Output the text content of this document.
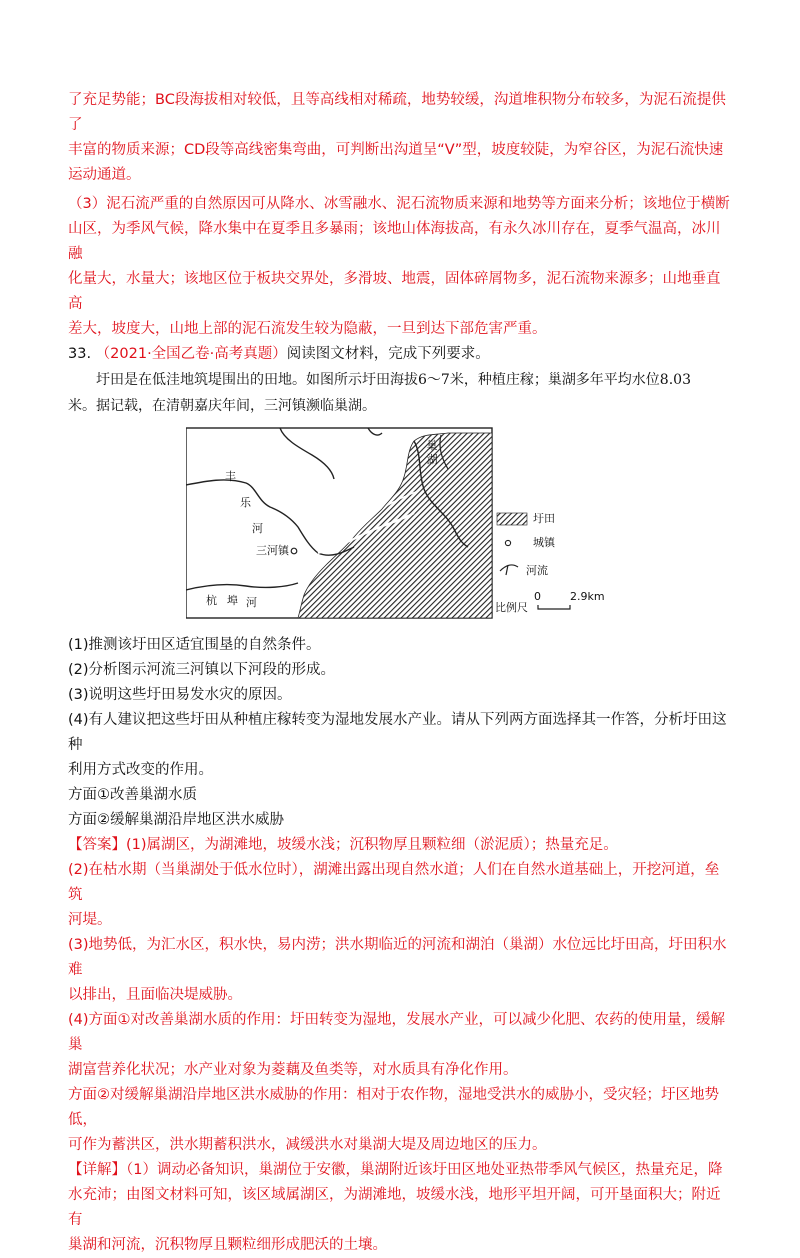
了充足势能；BC段海拔相对较低，且等高线相对稀疏，地势较缓，沟道堆积物分布较多，为泥石流提供了

丰富的物质来源；CD段等高线密集弯曲，可判断出沟道呈“V”型，坡度较陡，为窄谷区，为泥石流快速

运动通道。

（3）泥石流严重的自然原因可从降水、冰雪融水、泥石流物质来源和地势等方面来分析；该地位于横断

山区，为季风气候，降水集中在夏季且多暴雨；该地山体海拔高，有永久冰川存在，夏季气温高，冰川融

化量大，水量大；该地区位于板块交界处，多滑坡、地震，固体碎屑物多，泥石流物来源多；山地垂直高

差大，坡度大，山地上部的泥石流发生较为隐蔽，一旦到达下部危害严重。

33. （2021·全国乙卷·高考真题）阅读图文材料，完成下列要求。

圩田是在低洼地筑堤围出的田地。如图所示圩田海拔6～7米，种植庄稼；巢湖多年平均水位8.03

米。据记载，在清朝嘉庆年间，三河镇濒临巢湖。

巢
湖
丰
乐
河
三河镇
杭 埠 河
圩田
城镇
河流
比例尺
0	2.9km

(1)推测该圩田区适宜围垦的自然条件。

(2)分析图示河流三河镇以下河段的形成。

(3)说明这些圩田易发水灾的原因。

(4)有人建议把这些圩田从种植庄稼转变为湿地发展水产业。请从下列两方面选择其一作答，分析圩田这种

利用方式改变的作用。

方面①改善巢湖水质

方面②缓解巢湖沿岸地区洪水威胁

【答案】(1)属湖区，为湖滩地，坡缓水浅；沉积物厚且颗粒细（淤泥质）；热量充足。

(2)在枯水期（当巢湖处于低水位时），湖滩出露出现自然水道；人们在自然水道基础上，开挖河道，垒筑

河堤。

(3)地势低，为汇水区，积水快，易内涝；洪水期临近的河流和湖泊（巢湖）水位远比圩田高，圩田积水难

以排出，且面临决堤威胁。

(4)方面①对改善巢湖水质的作用：圩田转变为湿地，发展水产业，可以减少化肥、农药的使用量，缓解巢

湖富营养化状况；水产业对象为菱藕及鱼类等，对水质具有净化作用。

方面②对缓解巢湖沿岸地区洪水威胁的作用：相对于农作物，湿地受洪水的威胁小，受灾轻；圩区地势低，

可作为蓄洪区，洪水期蓄积洪水，减缓洪水对巢湖大堤及周边地区的压力。

【详解】（1）调动必备知识，巢湖位于安徽，巢湖附近该圩田区地处亚热带季风气候区，热量充足，降

水充沛；由图文材料可知，该区域属湖区，为湖滩地，坡缓水浅，地形平坦开阔，可开垦面积大；附近有

巢湖和河流，沉积物厚且颗粒细形成肥沃的土壤。
